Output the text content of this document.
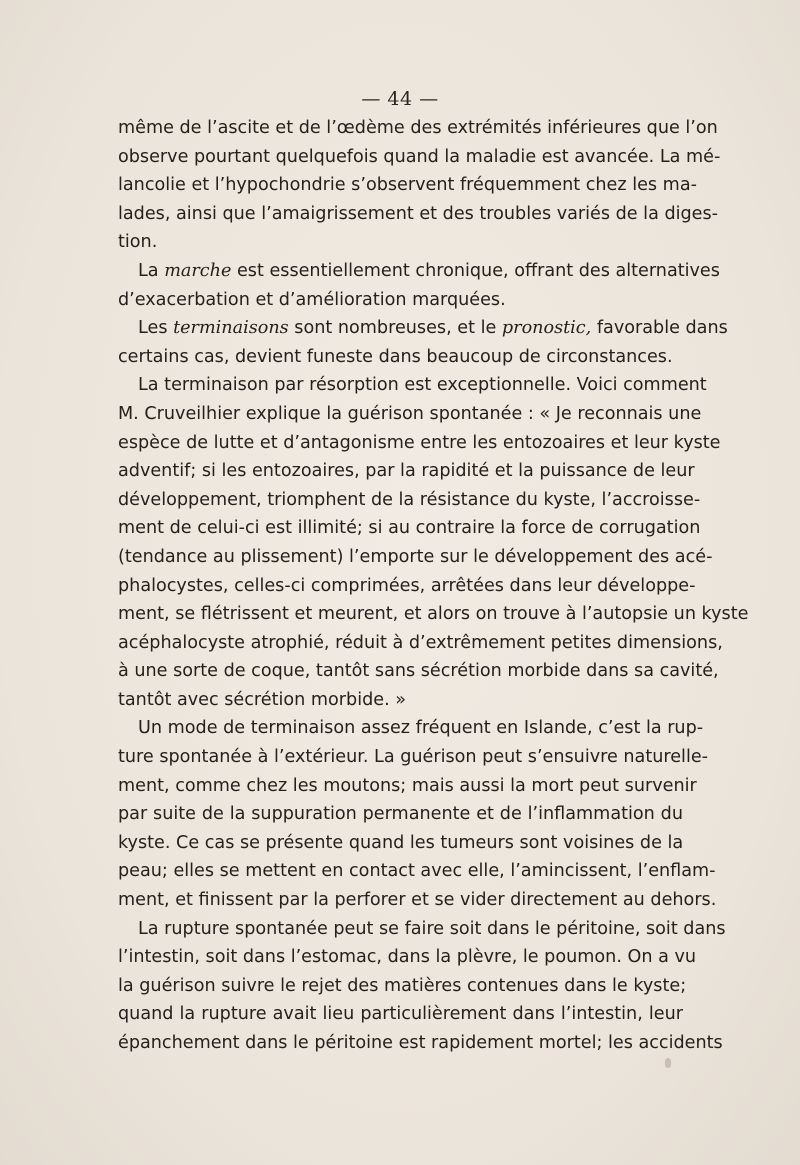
— 44 —
même de l’ascite et de l’œdème des extrémités inférieures que l’on
observe pourtant quelquefois quand la maladie est avancée. La mé-
lancolie et l’hypochondrie s’observent fréquemment chez les ma-
lades, ainsi que l’amaigrissement et des troubles variés de la diges-
tion.
La marche est essentiellement chronique, offrant des alternatives
d’exacerbation et d’amélioration marquées.
Les terminaisons sont nombreuses, et le pronostic, favorable dans
certains cas, devient funeste dans beaucoup de circonstances.
La terminaison par résorption est exceptionnelle. Voici comment
M. Cruveilhier explique la guérison spontanée : « Je reconnais une
espèce de lutte et d’antagonisme entre les entozoaires et leur kyste
adventif; si les entozoaires, par la rapidité et la puissance de leur
développement, triomphent de la résistance du kyste, l’accroisse-
ment de celui-ci est illimité; si au contraire la force de corrugation
(tendance au plissement) l’emporte sur le développement des acé-
phalocystes, celles-ci comprimées, arrêtées dans leur développe-
ment, se flétrissent et meurent, et alors on trouve à l’autopsie un kyste
acéphalocyste atrophié, réduit à d’extrêmement petites dimensions,
à une sorte de coque, tantôt sans sécrétion morbide dans sa cavité,
tantôt avec sécrétion morbide. »
Un mode de terminaison assez fréquent en Islande, c’est la rup-
ture spontanée à l’extérieur. La guérison peut s’ensuivre naturelle-
ment, comme chez les moutons; mais aussi la mort peut survenir
par suite de la suppuration permanente et de l’inflammation du
kyste. Ce cas se présente quand les tumeurs sont voisines de la
peau; elles se mettent en contact avec elle, l’amincissent, l’enflam-
ment, et finissent par la perforer et se vider directement au dehors.
La rupture spontanée peut se faire soit dans le péritoine, soit dans
l’intestin, soit dans l’estomac, dans la plèvre, le poumon. On a vu
la guérison suivre le rejet des matières contenues dans le kyste;
quand la rupture avait lieu particulièrement dans l’intestin, leur
épanchement dans le péritoine est rapidement mortel; les accidents
